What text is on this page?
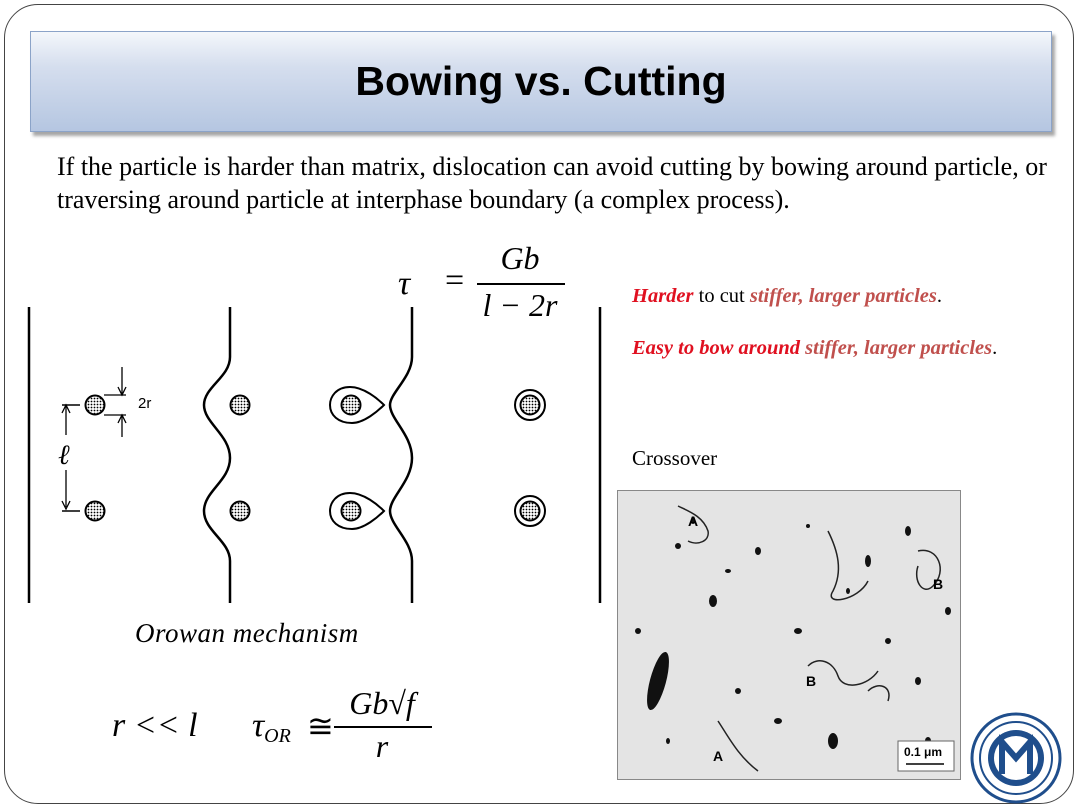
Bowing vs. Cutting
If the particle is harder than matrix, dislocation can avoid cutting by bowing around particle, or traversing around particle at interphase boundary (a complex process).
τ =
Gb
l − 2r
2r
ℓ
Orowan mechanism
r << l τOR ≅
Gb√f
r

Harder to cut stiffer, larger particles.

Easy to bow around stiffer, larger particles.

Crossover
A
B
B
A	0.1 μm
